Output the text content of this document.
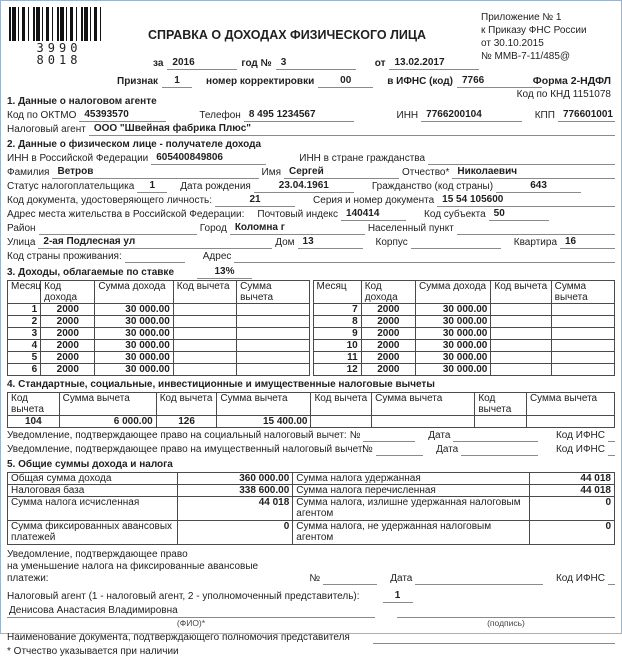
3990 8018
СПРАВКА О ДОХОДАХ ФИЗИЧЕСКОГО ЛИЦА
Приложение № 1
к Приказу ФНС России
от 30.10.2015
№ ММВ-7-11/485@
за 2016	год № 3	от 13.02.2017
Признак	1	номер корректировки	00	в ИФНС (код) 7766	Форма 2-НДФЛ
Код по КНД 1151078
1. Данные о налоговом агенте
Код по ОКТМО 45393570	Телефон 8 495 1234567	ИНН 7766200104	КПП 776601001
Налоговый агент ООО "Швейная фабрика Плюс"
2. Данные о физическом лице - получателе дохода
ИНН в Российской Федерации 605400849806	ИНН в стране гражданства
Фамилия Ветров	Имя Сергей	Отчество* Николаевич
Статус налогоплательщика	1	Дата рождения	23.04.1961	Гражданство (код страны)	643
Код документа, удостоверяющего личность:	21	Серия и номер документа 15 54 105600
Адрес места жительства в Российской Федерации: Почтовый индекс 140414	Код субъекта 50
Район	Город Коломна г	Населенный пункт
Улица 2-ая Подлесная ул	Дом 13	Корпус	Квартира 16
Код страны проживания:	Адрес
3. Доходы, облагаемые по ставке	13%
Месяц	Код дохода	Сумма дохода	Код вычета	Сумма вычета
1	2000	30 000.00		
2	2000	30 000.00		
3	2000	30 000.00		
4	2000	30 000.00		
5	2000	30 000.00		
6	2000	30 000.00		
Месяц	Код дохода	Сумма дохода	Код вычета	Сумма вычета
7	2000	30 000.00		
8	2000	30 000.00		
9	2000	30 000.00		
10	2000	30 000.00		
11	2000	30 000.00		
12	2000	30 000.00		
4. Стандартные, социальные, инвестиционные и имущественные налоговые вычеты
Код вычета	Сумма вычета	Код вычета	Сумма вычета	Код вычета	Сумма вычета	Код вычета	Сумма вычета
104	6 000.00	126	15 400.00				
Уведомление, подтверждающее право на социальный налоговый вычет: №	Дата	Код ИФНС
Уведомление, подтверждающее право на имущественный налоговый вычет:
№	Дата	Код ИФНС
5. Общие суммы дохода и налога
Общая сумма дохода	360 000.00	Сумма налога удержанная	44 018
Налоговая база	338 600.00	Сумма налога перечисленная	44 018
Сумма налога исчисленная	44 018	Сумма налога, излишне удержанная налоговым агентом	0
Сумма фиксированных авансовых платежей	0	Сумма налога, не удержанная налоговым агентом	0
Уведомление, подтверждающее право
на уменьшение налога на фиксированные авансовые платежи:	№	Дата	Код ИФНС
Налоговый агент (1 - налоговый агент, 2 - уполномоченный представитель):	1
Денисова Анастасия Владимировна
(ФИО)*	(подпись)
Наименование документа, подтверждающего полномочия представителя
* Отчество указывается при наличии
